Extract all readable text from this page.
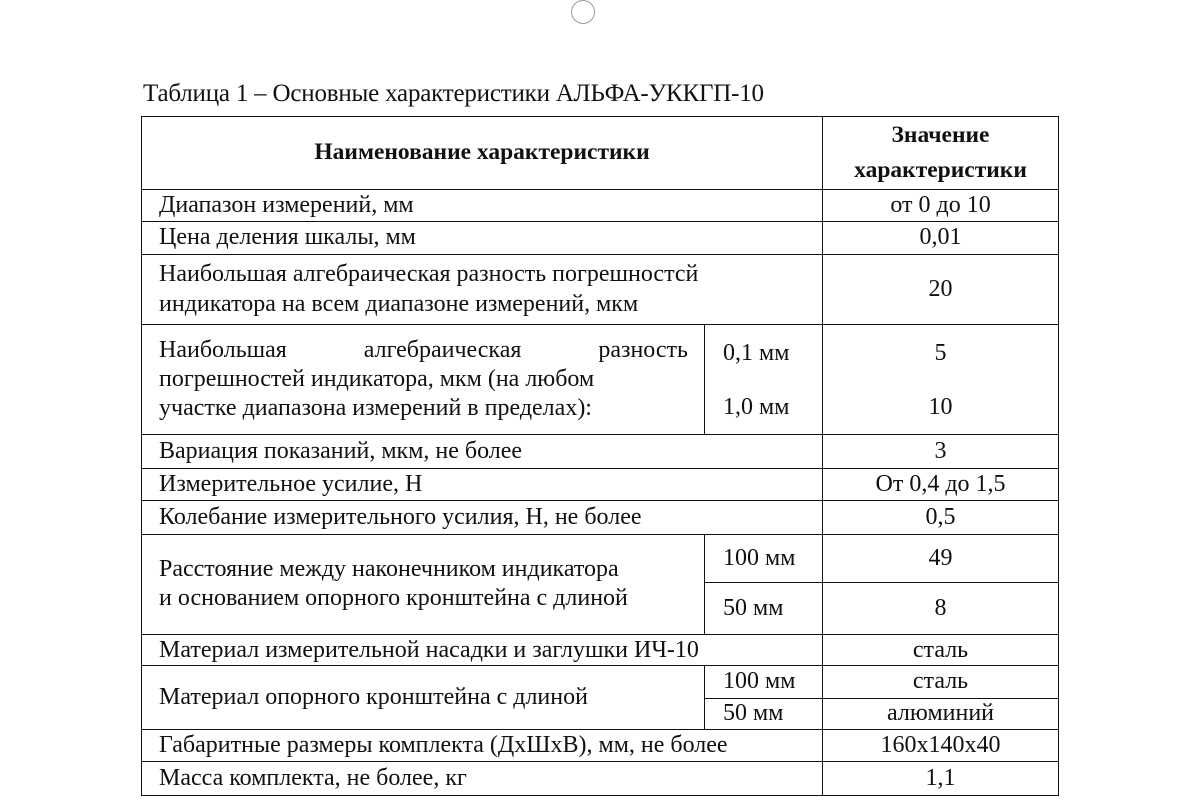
Таблица 1 – Основные характеристики АЛЬФА-УККГП-10
Наименование характеристики		Значение
характеристики
Диапазон измерений, мм		от 0 до 10
Цена деления шкалы, мм		0,01
Наибольшая алгебраическая разность погрешностсй
индикатора на всем диапазоне измерений, мкм		20

Наибольшая алгебраическая разность
погрешностей индикатора, мкм (на любом
участке диапазона измерений в пределах):	0,1 мм	5
	1,0 мм	10
Вариация показаний, мкм, не более		3
Измерительное усилие, Н		От 0,4 до 1,5
Колебание измерительного усилия, Н, не более		0,5
Расстояние между наконечником индикатора
и основанием опорного кронштейна с длиной	100 мм	49
	50 мм	8
Материал измерительной насадки и заглушки ИЧ-10		сталь
Материал опорного кронштейна с длиной	100 мм	сталь
	50 мм	алюминий
Габаритные размеры комплекта (ДхШхВ), мм, не более		160х140х40
Масса комплекта, не более, кг		1,1
